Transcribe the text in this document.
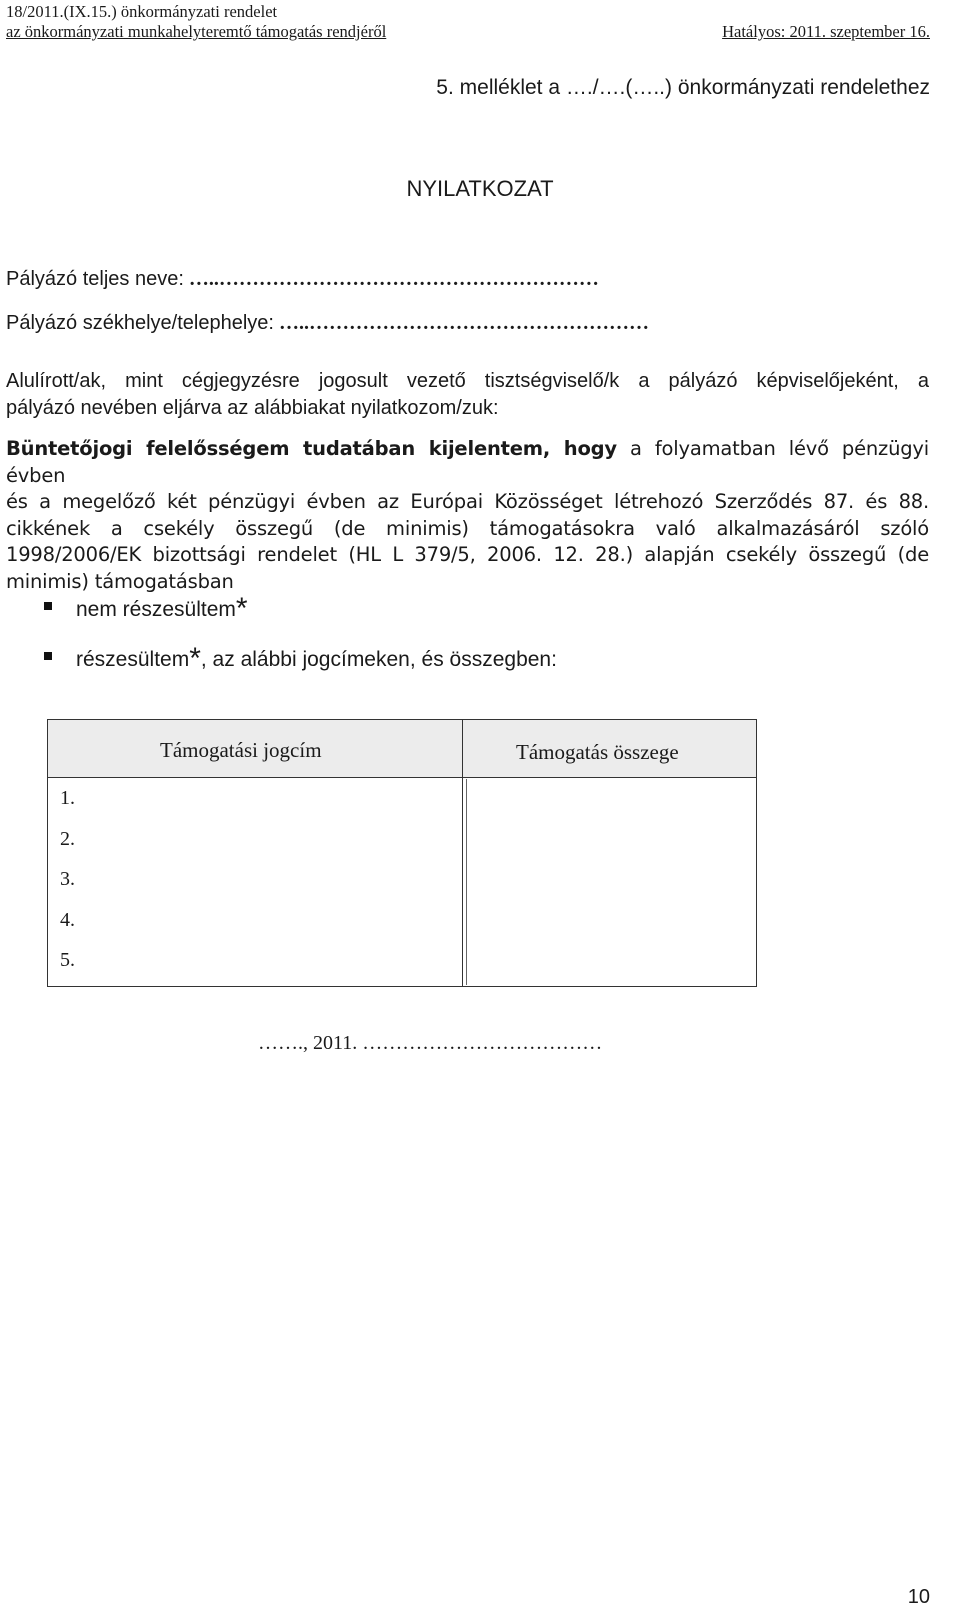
18/2011.(IX.15.) önkormányzati rendelet
az önkormányzati munkahelyteremtő támogatás rendjéről	Hatályos: 2011. szeptember 16.
5. melléklet a …./….(…..) önkormányzati rendelethez
NYILATKOZAT
Pályázó teljes neve: …..…………………………………………………
Pályázó székhelye/telephelye: …..……………………………………………
Alulírott/ak, mint cégjegyzésre jogosult vezető tisztségviselő/k a pályázó képviselőjeként, a
pályázó nevében eljárva az alábbiakat nyilatkozom/zuk:
Büntetőjogi felelősségem tudatában kijelentem, hogy a folyamatban lévő pénzügyi évben
és a megelőző két pénzügyi évben az Európai Közösséget létrehozó Szerződés 87. és 88.
cikkének a csekély összegű (de minimis) támogatásokra való alkalmazásáról szóló
1998/2006/EK bizottsági rendelet (HL L 379/5, 2006. 12. 28.) alapján csekély összegű (de
minimis) támogatásban
nem részesültem*
részesültem*, az alábbi jogcímeken, és összegben:
Támogatási jogcím	Támogatás összege
1.
2.
3.
4.
5.
……., 2011. ………………………………
10
